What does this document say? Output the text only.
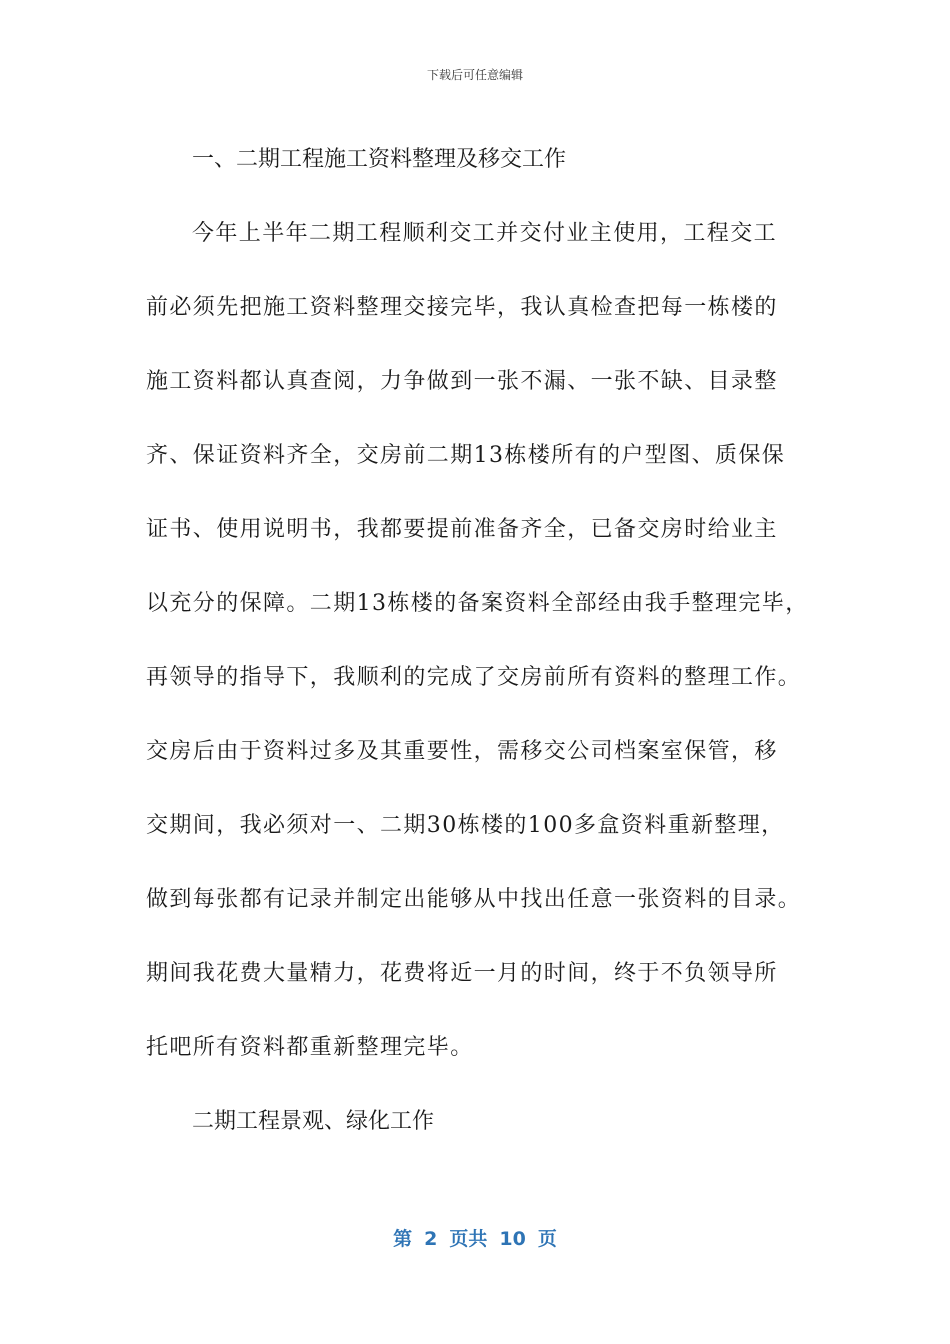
下载后可任意编辑

一、二期工程施工资料整理及移交工作

今年上半年二期工程顺利交工并交付业主使用，工程交工

前必须先把施工资料整理交接完毕，我认真检查把每一栋楼的

施工资料都认真查阅，力争做到一张不漏、一张不缺、目录整

齐、保证资料齐全，交房前二期13栋楼所有的户型图、质保保

证书、使用说明书，我都要提前准备齐全，已备交房时给业主

以充分的保障。二期13栋楼的备案资料全部经由我手整理完毕，

再领导的指导下，我顺利的完成了交房前所有资料的整理工作。

交房后由于资料过多及其重要性，需移交公司档案室保管，移

交期间，我必须对一、二期30栋楼的100多盒资料重新整理，

做到每张都有记录并制定出能够从中找出任意一张资料的目录。

期间我花费大量精力，花费将近一月的时间，终于不负领导所

托吧所有资料都重新整理完毕。

二期工程景观、绿化工作

第 2 页共 10 页
